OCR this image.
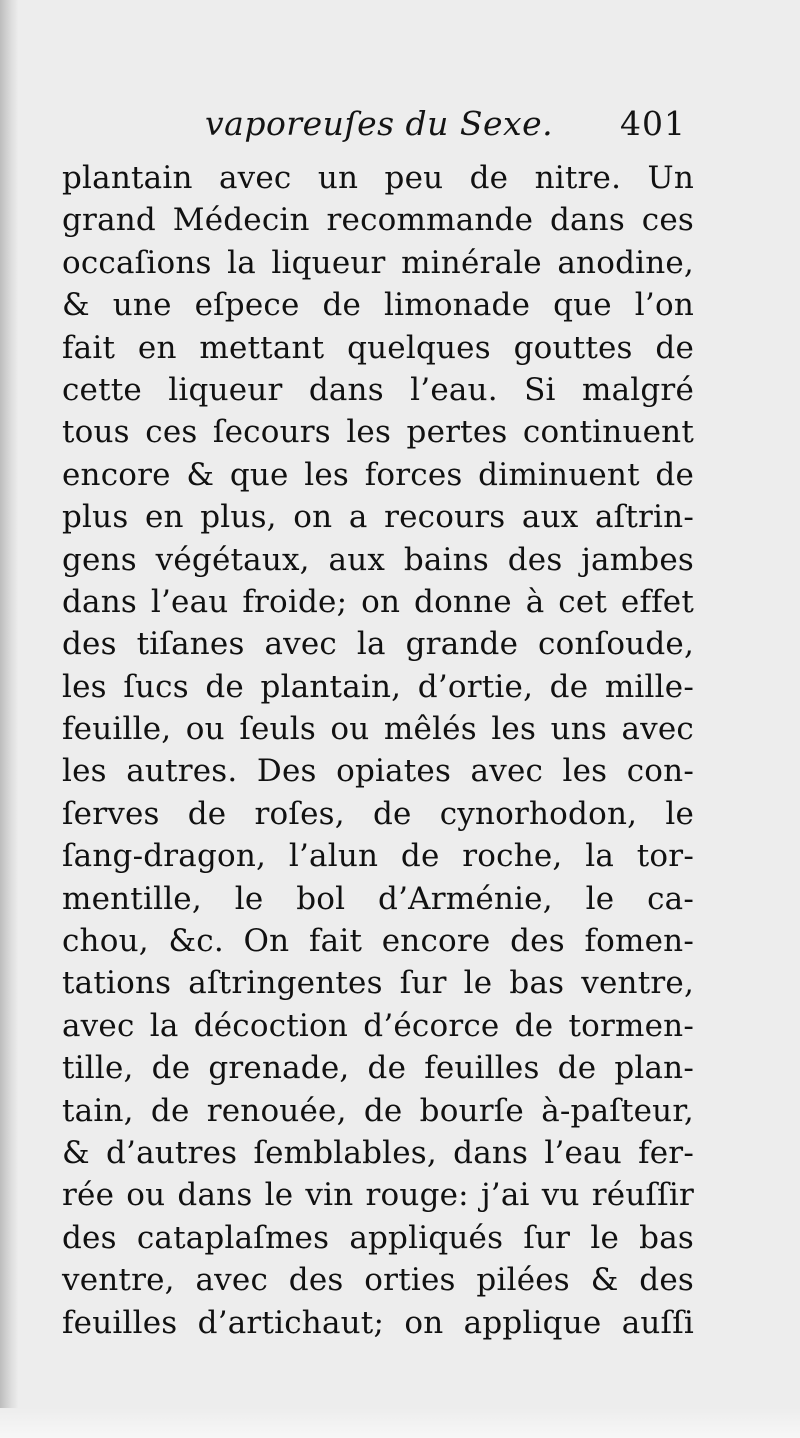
vaporeuſes du Sexe. 401
plantain avec un peu de nitre. Un
grand Médecin recommande dans ces
occaſions la liqueur minérale anodine,
& une eſpece de limonade que l’on
fait en mettant quelques gouttes de
cette liqueur dans l’eau. Si malgré
tous ces ſecours les pertes continuent
encore & que les forces diminuent de
plus en plus, on a recours aux aſtrin-
gens végétaux, aux bains des jambes
dans l’eau froide; on donne à cet effet
des tiſanes avec la grande conſoude,
les ſucs de plantain, d’ortie, de mille-
feuille, ou ſeuls ou mêlés les uns avec
les autres. Des opiates avec les con-
ſerves de roſes, de cynorhodon, le
ſang-dragon, l’alun de roche, la tor-
mentille, le bol d’Arménie, le ca-
chou, &c. On fait encore des fomen-
tations aſtringentes ſur le bas ventre,
avec la décoction d’écorce de tormen-
tille, de grenade, de feuilles de plan-
tain, de renouée, de bourſe à-paſteur,
& d’autres ſemblables, dans l’eau fer-
rée ou dans le vin rouge: j’ai vu réuſſir
des cataplaſmes appliqués ſur le bas
ventre, avec des orties pilées & des
feuilles d’artichaut; on applique auſſi
